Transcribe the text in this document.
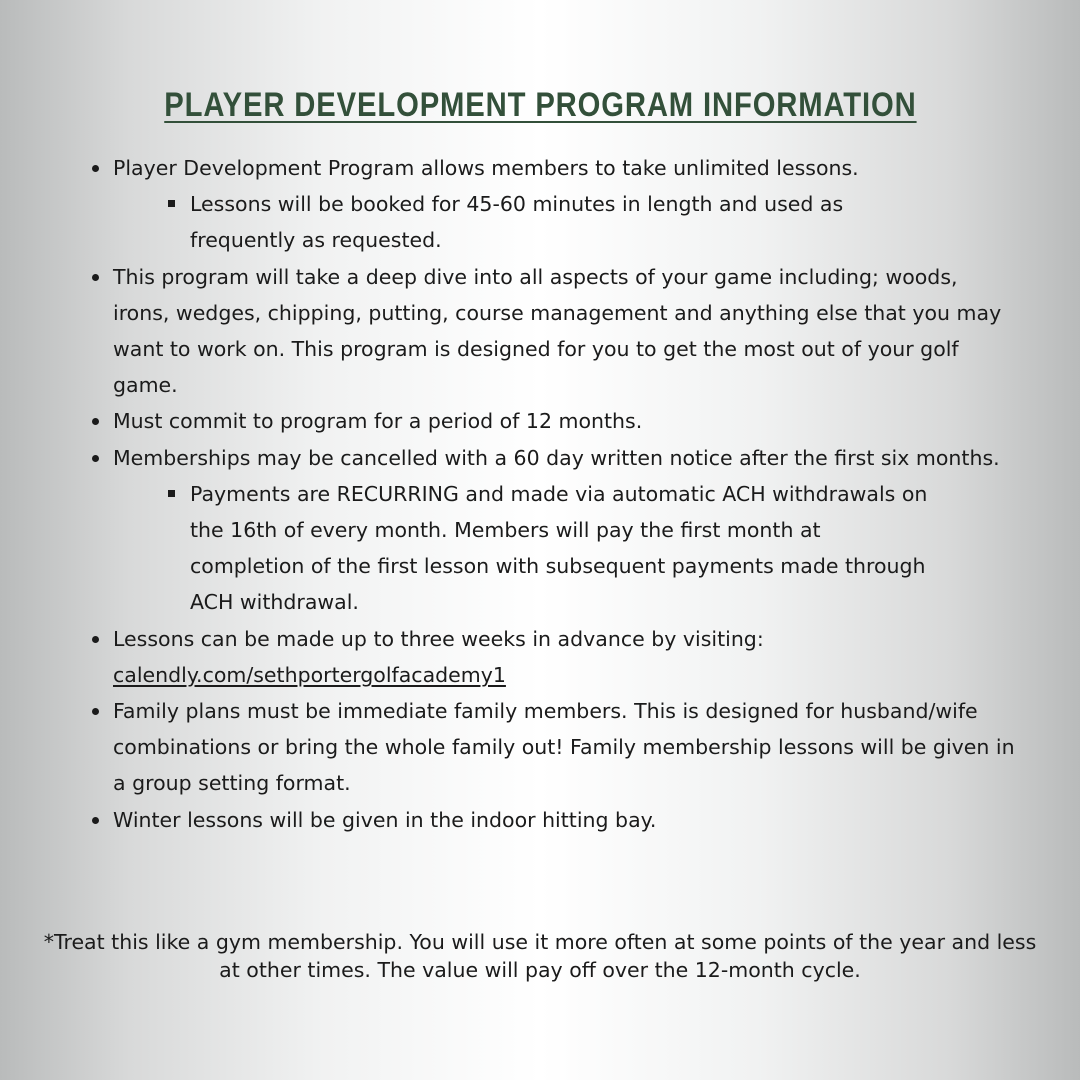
PLAYER DEVELOPMENT PROGRAM INFORMATION
Player Development Program allows members to take unlimited lessons.
Lessons will be booked for 45-60 minutes in length and used as frequently as requested.
This program will take a deep dive into all aspects of your game including; woods, irons, wedges, chipping, putting, course management and anything else that you may want to work on. This program is designed for you to get the most out of your golf game.
Must commit to program for a period of 12 months.
Memberships may be cancelled with a 60 day written notice after the first six months.
Payments are RECURRING and made via automatic ACH withdrawals on the 16th of every month. Members will pay the first month at completion of the first lesson with subsequent payments made through ACH withdrawal.
Lessons can be made up to three weeks in advance by visiting:
calendly.com/sethportergolfacademy1
Family plans must be immediate family members. This is designed for husband/wife combinations or bring the whole family out! Family membership lessons will be given in a group setting format.
Winter lessons will be given in the indoor hitting bay.

*Treat this like a gym membership. You will use it more often at some points of the year and less at other times. The value will pay off over the 12-month cycle.
